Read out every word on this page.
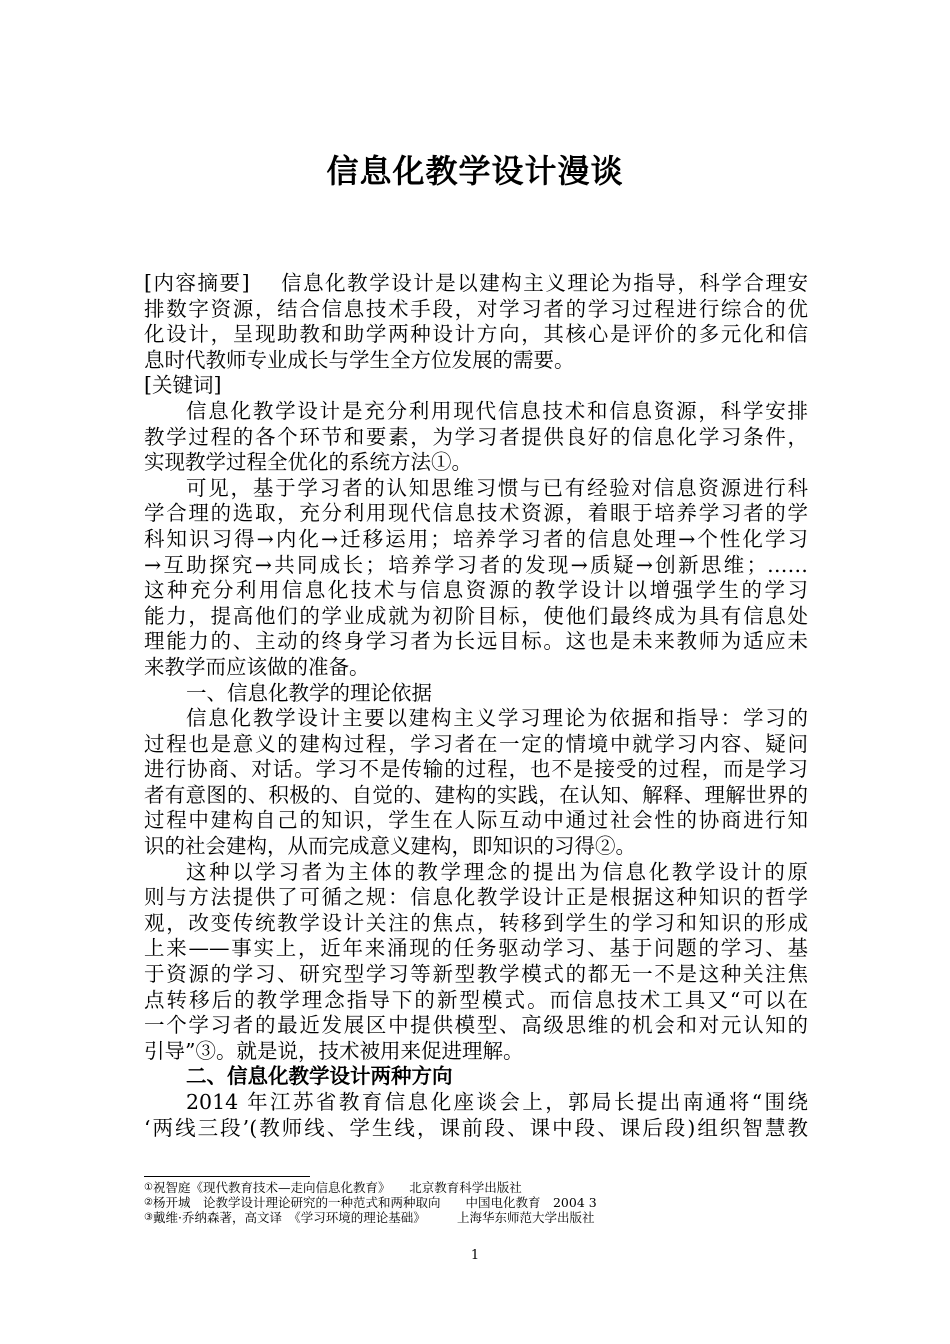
信息化教学设计漫谈
[内容摘要]　 信息化教学设计是以建构主义理论为指导，科学合理安
排数字资源，结合信息技术手段，对学习者的学习过程进行综合的优
化设计，呈现助教和助学两种设计方向，其核心是评价的多元化和信
息时代教师专业成长与学生全方位发展的需要。
[关键词]
信息化教学设计是充分利用现代信息技术和信息资源，科学安排
教学过程的各个环节和要素，为学习者提供良好的信息化学习条件，
实现教学过程全优化的系统方法①。
可见，基于学习者的认知思维习惯与已有经验对信息资源进行科
学合理的选取，充分利用现代信息技术资源，着眼于培养学习者的学
科知识习得→内化→迁移运用；培养学习者的信息处理→个性化学习
→互助探究→共同成长；培养学习者的发现→质疑→创新思维；……
这种充分利用信息化技术与信息资源的教学设计以增强学生的学习
能力，提高他们的学业成就为初阶目标，使他们最终成为具有信息处
理能力的、主动的终身学习者为长远目标。这也是未来教师为适应未
来教学而应该做的准备。
一、信息化教学的理论依据
信息化教学设计主要以建构主义学习理论为依据和指导：学习的
过程也是意义的建构过程，学习者在一定的情境中就学习内容、疑问
进行协商、对话。学习不是传输的过程，也不是接受的过程，而是学习
者有意图的、积极的、自觉的、建构的实践，在认知、解释、理解世界的
过程中建构自己的知识，学生在人际互动中通过社会性的协商进行知
识的社会建构，从而完成意义建构，即知识的习得②。
这种以学习者为主体的教学理念的提出为信息化教学设计的原
则与方法提供了可循之规：信息化教学设计正是根据这种知识的哲学
观，改变传统教学设计关注的焦点，转移到学生的学习和知识的形成
上来——事实上，近年来涌现的任务驱动学习、基于问题的学习、基
于资源的学习、研究型学习等新型教学模式的都无一不是这种关注焦
点转移后的教学理念指导下的新型模式。而信息技术工具又“可以在
一个学习者的最近发展区中提供模型、高级思维的机会和对元认知的
引导”③。就是说，技术被用来促进理解。
二、信息化教学设计两种方向
2014 年江苏省教育信息化座谈会上，郭局长提出南通将“围绕
‘两线三段’(教师线、学生线，课前段、课中段、课后段)组织智慧教
①祝智庭《现代教育技术—走向信息化教育》　　北京教育科学出版社
②杨开城　论教学设计理论研究的一种范式和两种取向　　中国电化教育　2004 3
③戴维·乔纳森著，高文译　《学习环境的理论基础》　　　上海华东师范大学出版社
1
